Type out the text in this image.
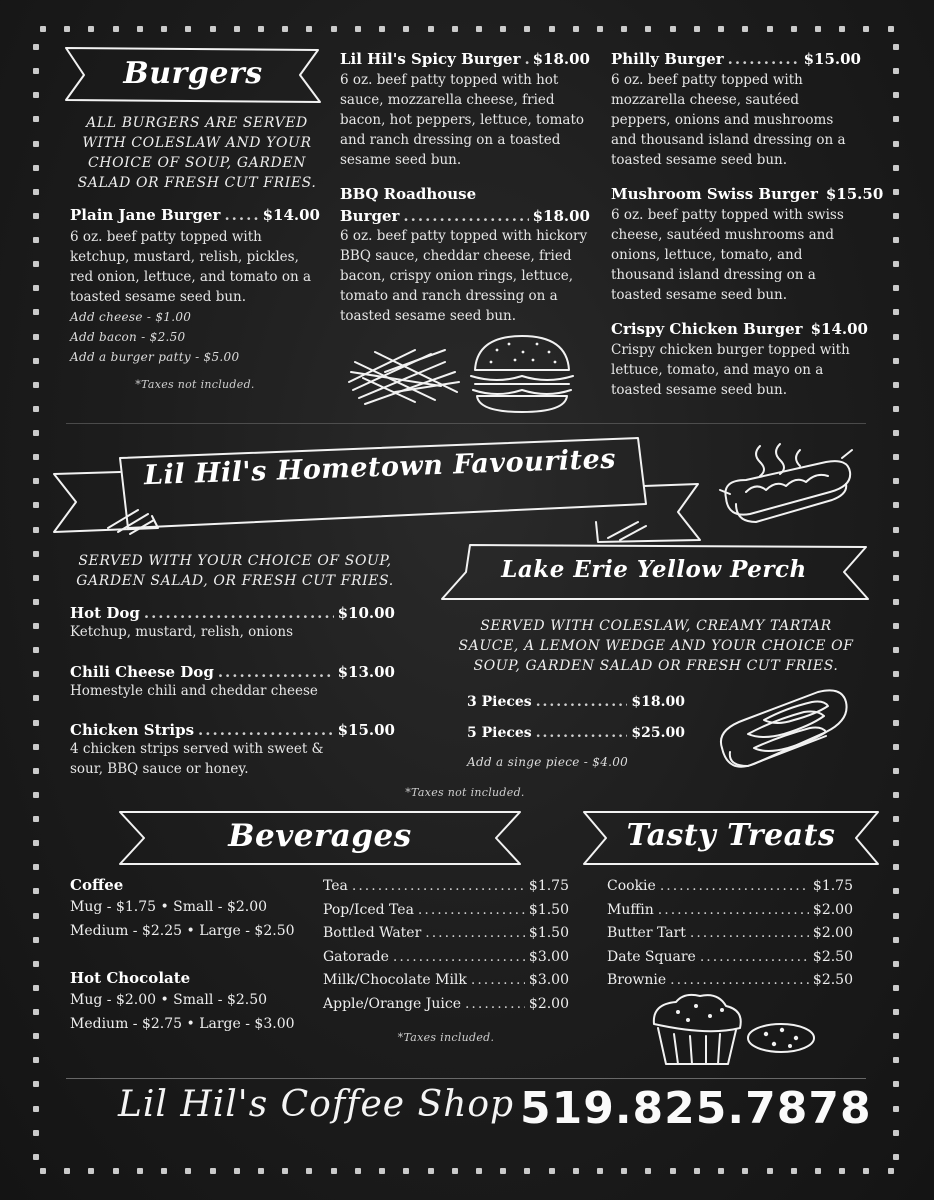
Burgers
ALL BURGERS ARE SERVED WITH COLESLAW AND YOUR CHOICE OF SOUP, GARDEN SALAD OR FRESH CUT FRIES.
Plain Jane Burger .....	$14.00
6 oz. beef patty topped with ketchup, mustard, relish, pickles, red onion, lettuce, and tomato on a toasted sesame seed bun.
Add cheese - $1.00
Add bacon - $2.50
Add a burger patty - $5.00
*Taxes not included.
Lil Hil's Spicy Burger ..... $18.00
6 oz. beef patty topped with hot sauce, mozzarella cheese, fried bacon, hot peppers, lettuce, tomato and ranch dressing on a toasted sesame seed bun.
BBQ Roadhouse
Burger .....	$18.00
6 oz. beef patty topped with hickory BBQ sauce, cheddar cheese, fried bacon, crispy onion rings, lettuce, tomato and ranch dressing on a toasted sesame seed bun.
Philly Burger .....	$15.00
6 oz. beef patty topped with mozzarella cheese, sautéed peppers, onions and mushrooms and thousand island dressing on a toasted sesame seed bun.
Mushroom Swiss Burger $15.50
6 oz. beef patty topped with swiss cheese, sautéed mushrooms and onions, lettuce, tomato, and thousand island dressing on a toasted sesame seed bun.
Crispy Chicken Burger $14.00
Crispy chicken burger topped with lettuce, tomato, and mayo on a toasted sesame seed bun.
Lil Hil's Hometown Favourites
SERVED WITH YOUR CHOICE OF SOUP, GARDEN SALAD, OR FRESH CUT FRIES.
Hot Dog .....	$10.00
Ketchup, mustard, relish, onions
Chili Cheese Dog .....	$13.00
Homestyle chili and cheddar cheese
Chicken Strips .....	$15.00
4 chicken strips served with sweet & sour, BBQ sauce or honey.
*Taxes not included.
Lake Erie Yellow Perch
SERVED WITH COLESLAW, CREAMY TARTAR SAUCE, A LEMON WEDGE AND YOUR CHOICE OF SOUP, GARDEN SALAD OR FRESH CUT FRIES.
3 Pieces .....	$18.00
5 Pieces .....	$25.00
Add a singe piece - $4.00
Beverages
Coffee
Mug - $1.75 • Small - $2.00
Medium - $2.25 • Large - $2.50
Hot Chocolate
Mug - $2.00 • Small - $2.50
Medium - $2.75 • Large - $3.00
Tea .....	$1.75
Pop/Iced Tea .....	$1.50
Bottled Water .....	$1.50
Gatorade .....	$3.00
Milk/Chocolate Milk .....	$3.00
Apple/Orange Juice .....	$2.00
*Taxes included.
Tasty Treats
Cookie .....	$1.75
Muffin .....	$2.00
Butter Tart .....	$2.00
Date Square .....	$2.50
Brownie .....	$2.50
Lil Hil's Coffee Shop 519.825.7878
